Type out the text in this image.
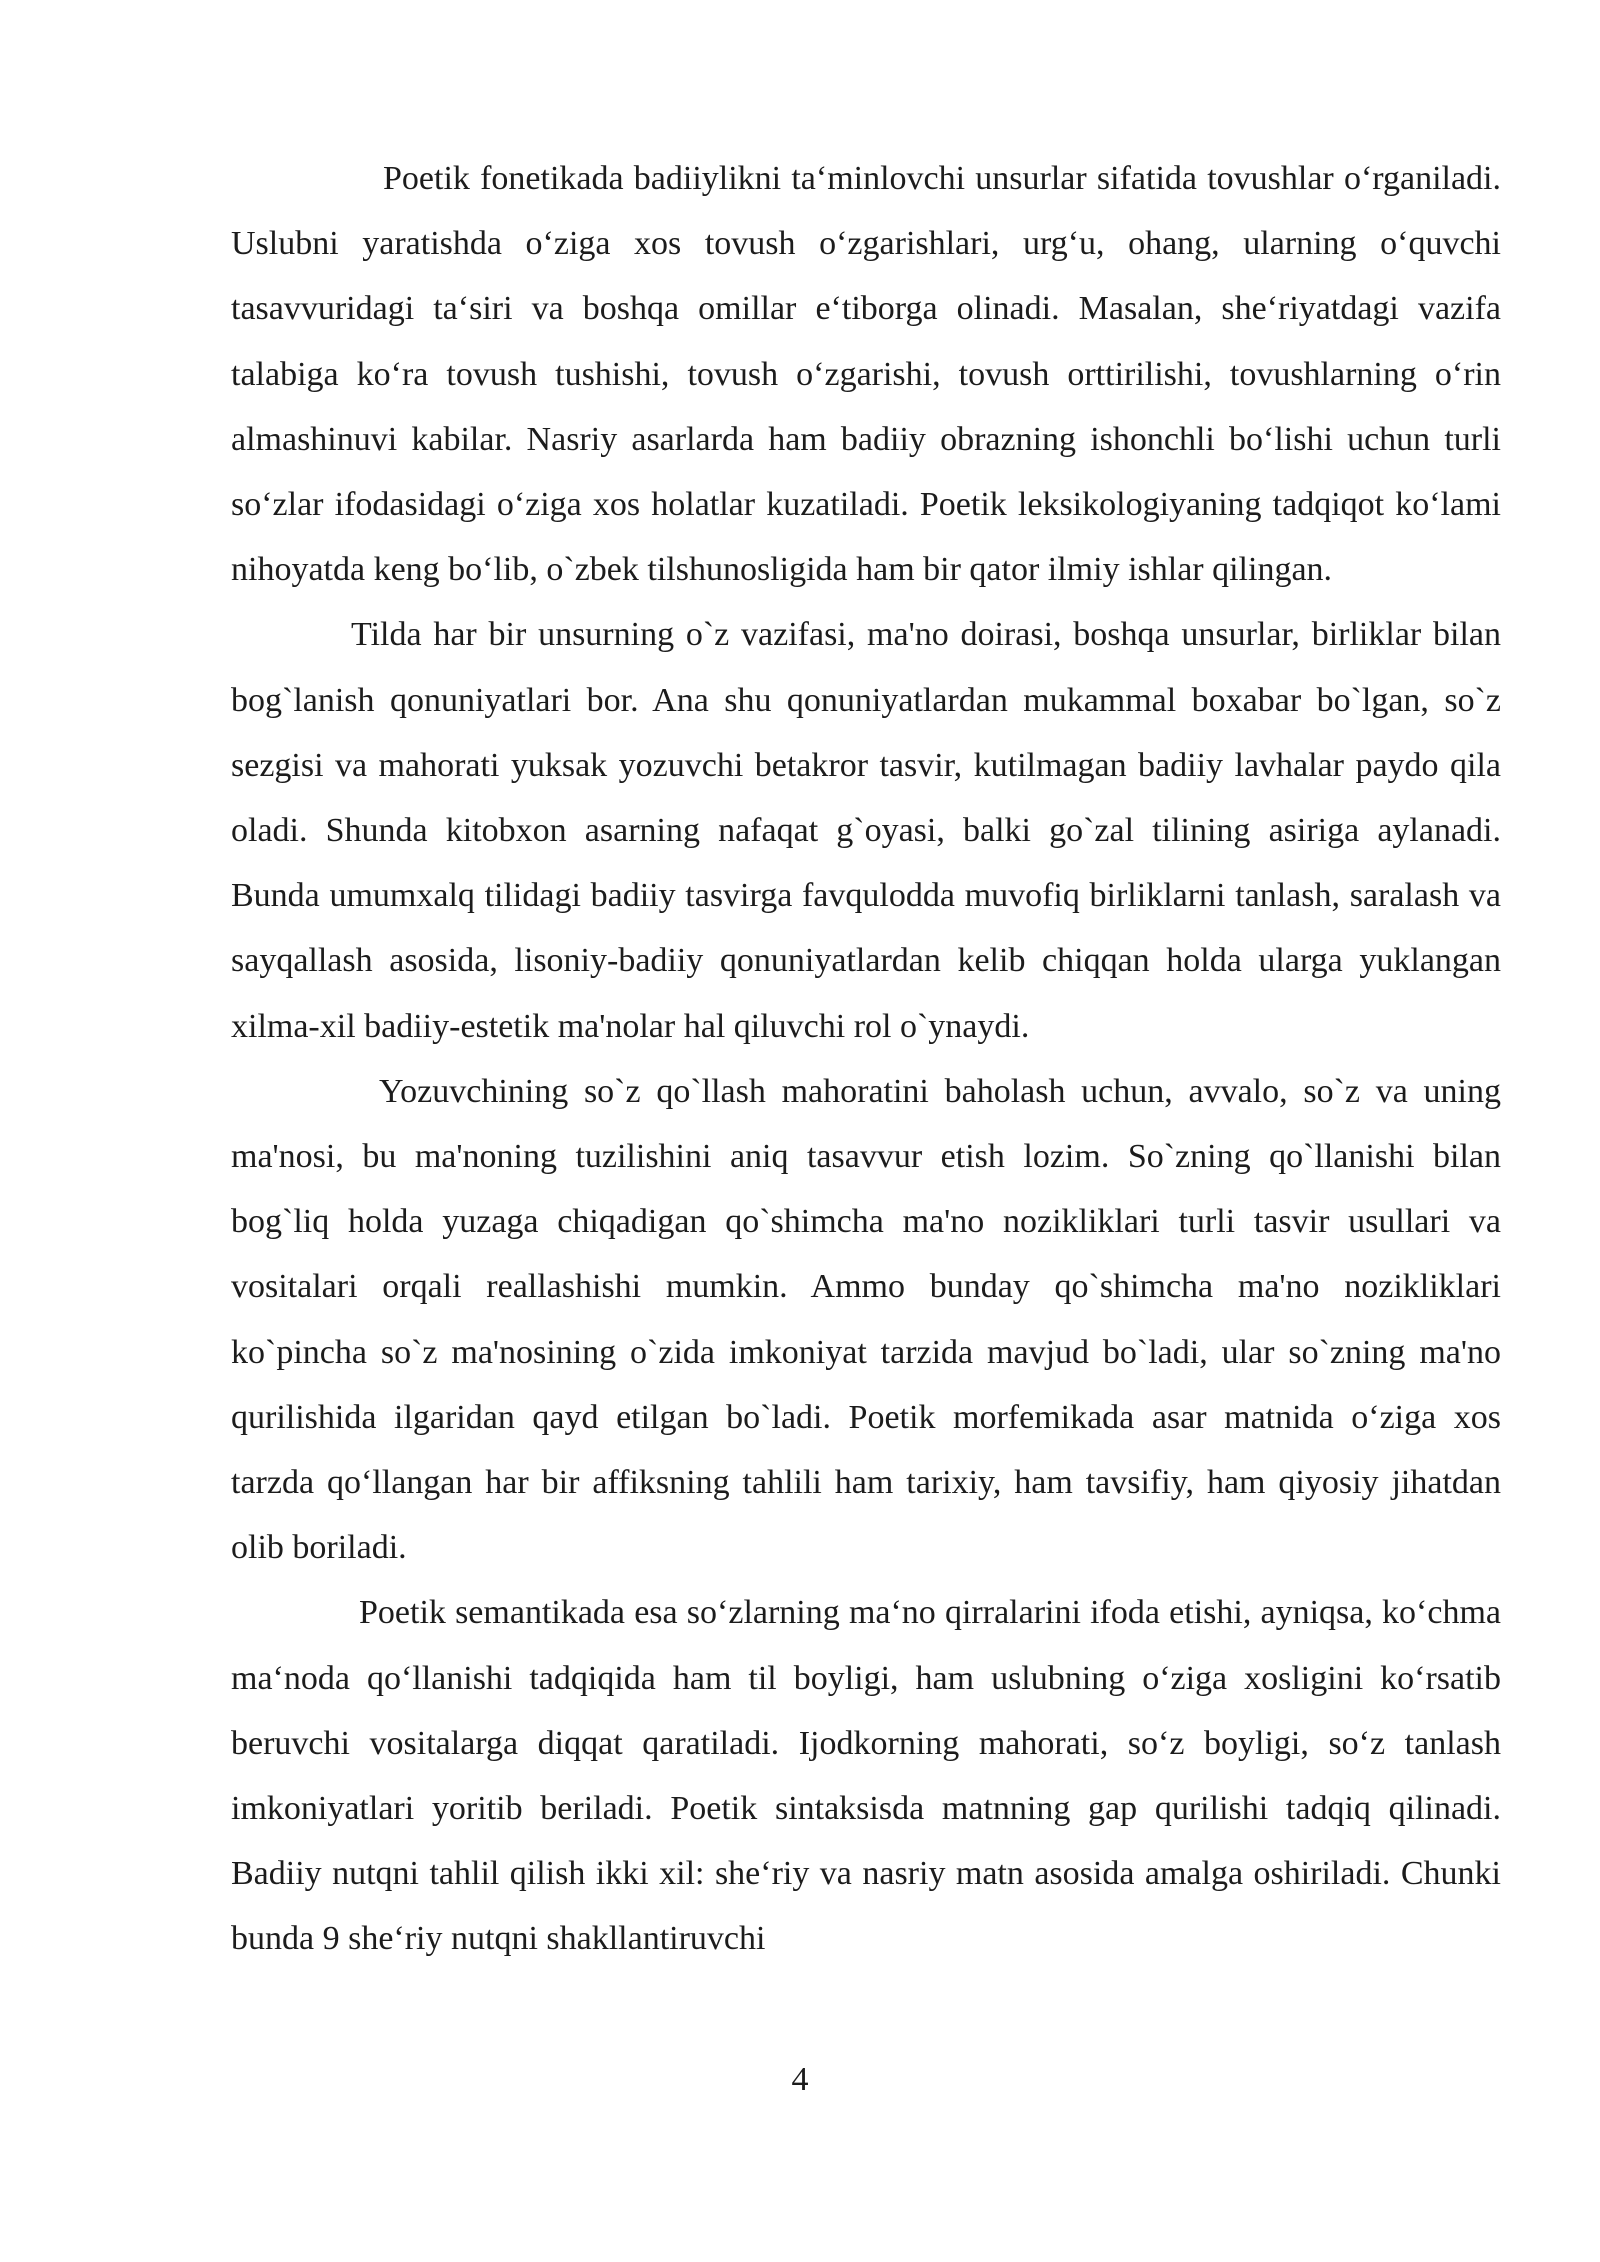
Poetik fonetikada badiiylikni ta‘minlovchi unsurlar sifatida tovushlar o‘rganiladi. Uslubni yaratishda o‘ziga xos tovush o‘zgarishlari, urg‘u, ohang, ularning o‘quvchi tasavvuridagi ta‘siri va boshqa omillar e‘tiborga olinadi. Masalan, she‘riyatdagi vazifa talabiga ko‘ra tovush tushishi, tovush o‘zgarishi, tovush orttirilishi, tovushlarning o‘rin almashinuvi kabilar. Nasriy asarlarda ham badiiy obrazning ishonchli bo‘lishi uchun turli so‘zlar ifodasidagi o‘ziga xos holatlar kuzatiladi. Poetik leksikologiyaning tadqiqot ko‘lami nihoyatda keng bo‘lib, o`zbek tilshunosligida ham bir qator ilmiy ishlar qilingan.

Tilda har bir unsurning o`z vazifasi, ma'no doirasi, boshqa unsurlar, birliklar bilan bog`lanish qonuniyatlari bor. Ana shu qonuniyatlardan mukammal boxabar bo`lgan, so`z sezgisi va mahorati yuksak yozuvchi betakror tasvir, kutilmagan badiiy lavhalar paydo qila oladi. Shunda kitobxon asarning nafaqat g`oyasi, balki go`zal tilining asiriga aylanadi. Bunda umumxalq tilidagi badiiy tasvirga favqulodda muvofiq birliklarni tanlash, saralash va sayqallash asosida, lisoniy-badiiy qonuniyatlardan kelib chiqqan holda ularga yuklangan xilma-xil badiiy-estetik ma'nolar hal qiluvchi rol o`ynaydi.

Yozuvchining so`z qo`llash mahoratini baholash uchun, avvalo, so`z va uning ma'nosi, bu ma'noning tuzilishini aniq tasavvur etish lozim. So`zning qo`llanishi bilan bog`liq holda yuzaga chiqadigan qo`shimcha ma'no nozikliklari turli tasvir usullari va vositalari orqali reallashishi mumkin. Ammo bunday qo`shimcha ma'no nozikliklari ko`pincha so`z ma'nosining o`zida imkoniyat tarzida mavjud bo`ladi, ular so`zning ma'no qurilishida ilgaridan qayd etilgan bo`ladi. Poetik morfemikada asar matnida o‘ziga xos tarzda qo‘llangan har bir affiksning tahlili ham tarixiy, ham tavsifiy, ham qiyosiy jihatdan olib boriladi.

Poetik semantikada esa so‘zlarning ma‘no qirralarini ifoda etishi, ayniqsa, ko‘chma ma‘noda qo‘llanishi tadqiqida ham til boyligi, ham uslubning o‘ziga xosligini ko‘rsatib beruvchi vositalarga diqqat qaratiladi. Ijodkorning mahorati, so‘z boyligi, so‘z tanlash imkoniyatlari yoritib beriladi. Poetik sintaksisda matnning gap qurilishi tadqiq qilinadi. Badiiy nutqni tahlil qilish ikki xil: she‘riy va nasriy matn asosida amalga oshiriladi. Chunki bunda 9 she‘riy nutqni shakllantiruvchi

4
